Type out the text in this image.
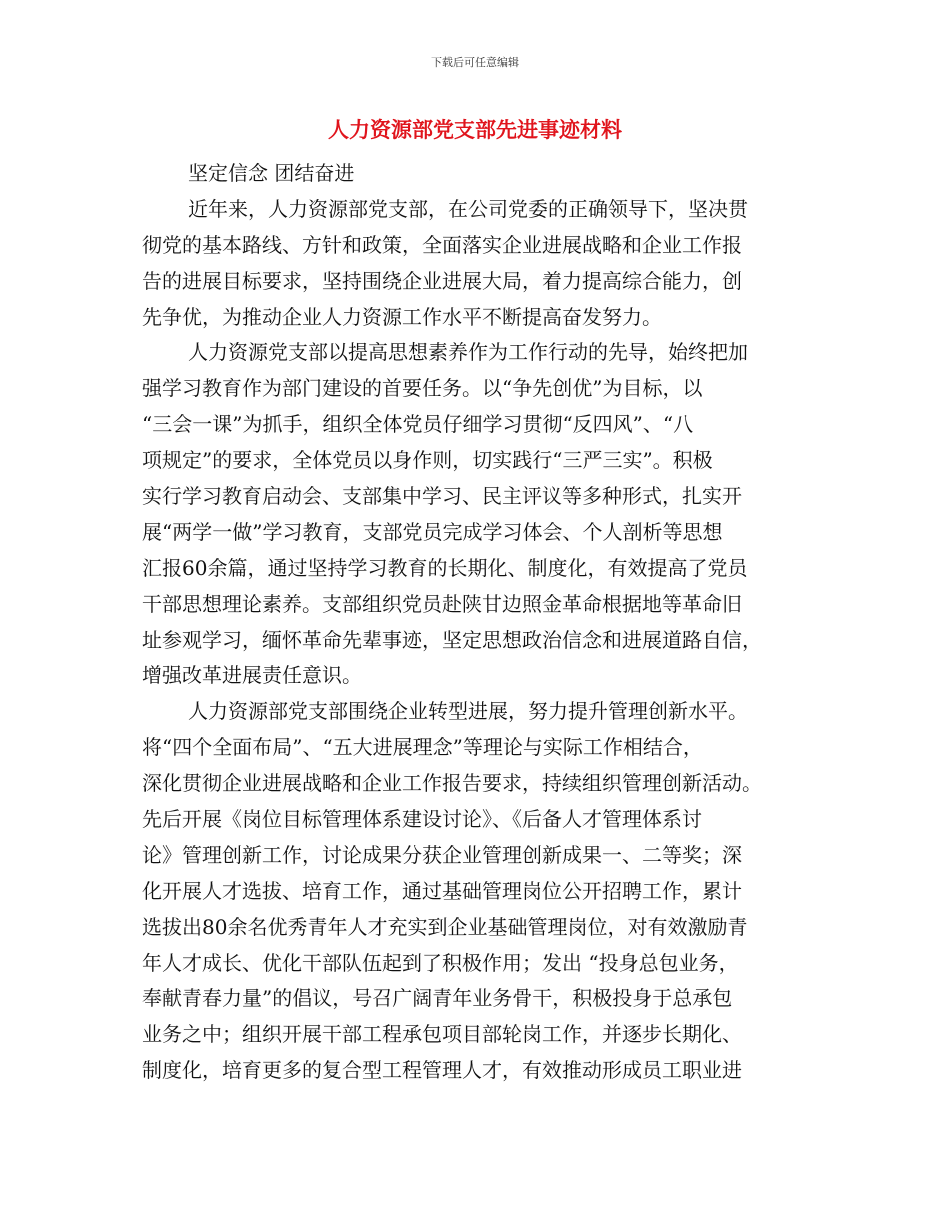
下载后可任意编辑
人力资源部党支部先进事迹材料
坚定信念 团结奋进
近年来，人力资源部党支部，在公司党委的正确领导下，坚决贯
彻党的基本路线、方针和政策，全面落实企业进展战略和企业工作报
告的进展目标要求，坚持围绕企业进展大局，着力提高综合能力，创
先争优，为推动企业人力资源工作水平不断提高奋发努力。
人力资源党支部以提高思想素养作为工作行动的先导，始终把加
强学习教育作为部门建设的首要任务。以“争先创优”为目标，以
“三会一课”为抓手，组织全体党员仔细学习贯彻“反四风”、“八
项规定”的要求，全体党员以身作则，切实践行“三严三实”。积极
实行学习教育启动会、支部集中学习、民主评议等多种形式，扎实开
展“两学一做”学习教育，支部党员完成学习体会、个人剖析等思想
汇报60余篇，通过坚持学习教育的长期化、制度化，有效提高了党员
干部思想理论素养。支部组织党员赴陕甘边照金革命根据地等革命旧
址参观学习，缅怀革命先辈事迹，坚定思想政治信念和进展道路自信，
增强改革进展责任意识。
人力资源部党支部围绕企业转型进展，努力提升管理创新水平。
将“四个全面布局”、“五大进展理念”等理论与实际工作相结合，
深化贯彻企业进展战略和企业工作报告要求，持续组织管理创新活动。
先后开展《岗位目标管理体系建设讨论》、《后备人才管理体系讨
论》管理创新工作，讨论成果分获企业管理创新成果一、二等奖；深
化开展人才选拔、培育工作，通过基础管理岗位公开招聘工作，累计
选拔出80余名优秀青年人才充实到企业基础管理岗位，对有效激励青
年人才成长、优化干部队伍起到了积极作用；发出 “投身总包业务，
奉献青春力量”的倡议，号召广阔青年业务骨干，积极投身于总承包
业务之中；组织开展干部工程承包项目部轮岗工作，并逐步长期化、
制度化，培育更多的复合型工程管理人才，有效推动形成员工职业进
